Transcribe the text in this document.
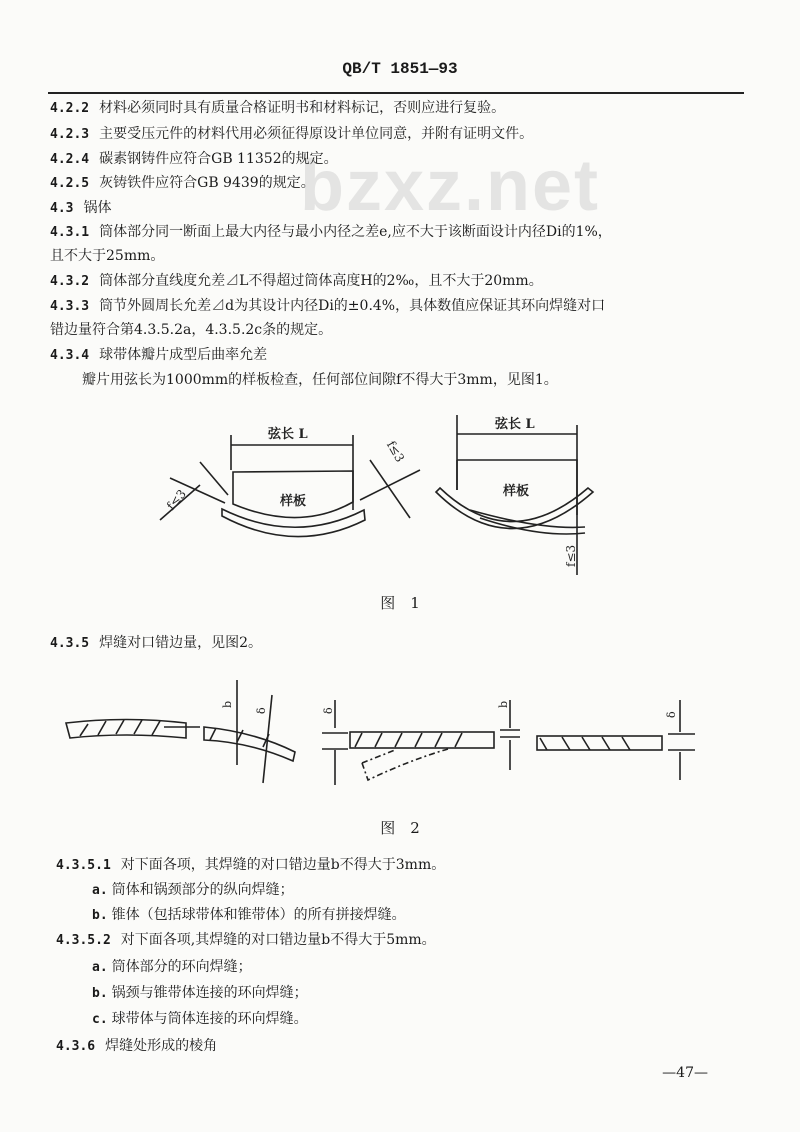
QB/T 1851—93
bzxz.net
4.2.2 材料必须同时具有质量合格证明书和材料标记，否则应进行复验。
4.2.3 主要受压元件的材料代用必须征得原设计单位同意，并附有证明文件。
4.2.4 碳素钢铸件应符合GB 11352的规定。
4.2.5 灰铸铁件应符合GB 9439的规定。
4.3 锅体
4.3.1 筒体部分同一断面上最大内径与最小内径之差e,应不大于该断面设计内径Di的1%，
且不大于25mm。
4.3.2 筒体部分直线度允差⊿L不得超过筒体高度H的2‰，且不大于20mm。
4.3.3 筒节外圆周长允差⊿d为其设计内径Di的±0.4%，具体数值应保证其环向焊缝对口
错边量符合第4.3.5.2a，4.3.5.2c条的规定。
4.3.4 球带体瓣片成型后曲率允差
瓣片用弦长为1000mm的样板检查，任何部位间隙f不得大于3mm，见图1。
弦长 L
样板
f≤3
f≤3
弦长 L
样板
f≤3
图　1
4.3.5 焊缝对口错边量，见图2。
b
δ	δ
b
δ
图　2
4.3.5.1 对下面各项，其焊缝的对口错边量b不得大于3mm。
a. 筒体和锅颈部分的纵向焊缝；
b. 锥体（包括球带体和锥带体）的所有拼接焊缝。
4.3.5.2 对下面各项,其焊缝的对口错边量b不得大于5mm。
a. 筒体部分的环向焊缝；
b. 锅颈与锥带体连接的环向焊缝；
c. 球带体与筒体连接的环向焊缝。
4.3.6 焊缝处形成的棱角
—47—
